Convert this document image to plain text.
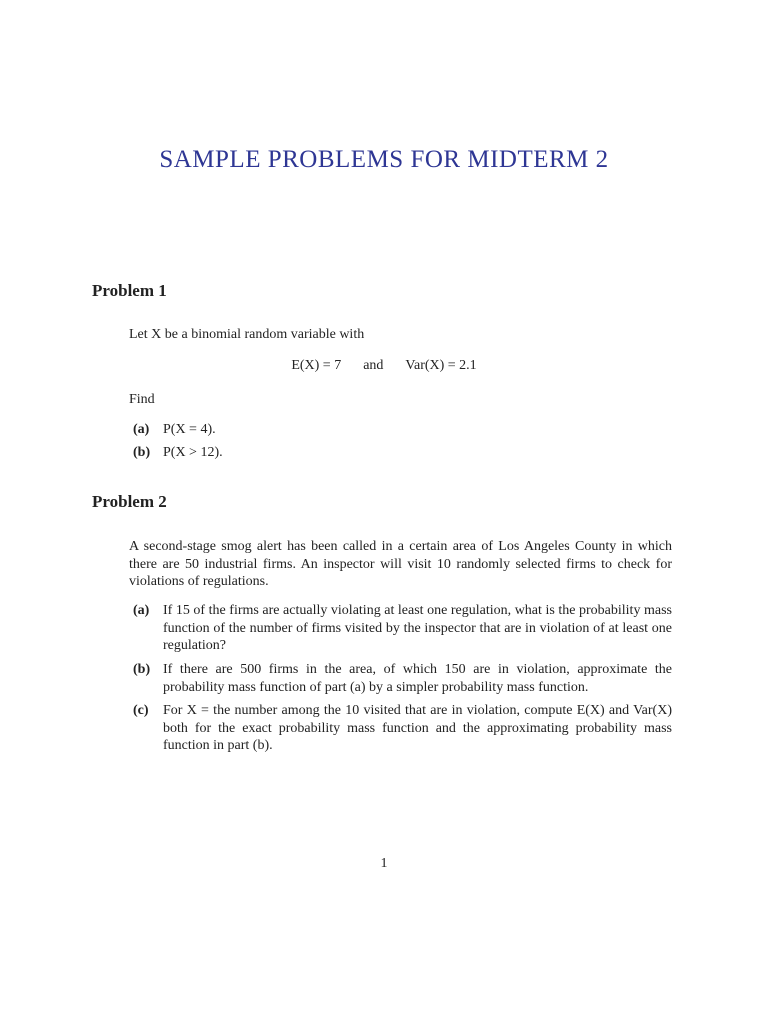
SAMPLE PROBLEMS FOR MIDTERM 2
Problem 1

Let X be a binomial random variable with

E(X) = 7 and Var(X) = 2.1

Find

(a) P(X = 4).
(b) P(X > 12).
Problem 2

A second-stage smog alert has been called in a certain area of Los Angeles County in which there are 50 industrial firms. An inspector will visit 10 randomly selected firms to check for violations of regulations.

(a) If 15 of the firms are actually violating at least one regulation, what is the probability mass function of the number of firms visited by the inspector that are in violation of at least one regulation?
(b) If there are 500 firms in the area, of which 150 are in violation, approximate the probability mass function of part (a) by a simpler probability mass function.
(c) For X = the number among the 10 visited that are in violation, compute E(X) and Var(X) both for the exact probability mass function and the approximating probability mass function in part (b).

1
